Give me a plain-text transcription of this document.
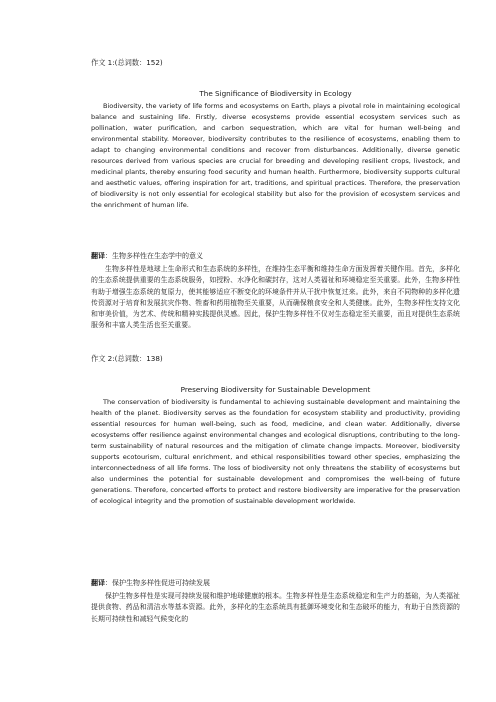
作文 1:(总词数：152)
The Significance of Biodiversity in Ecology
Biodiversity, the variety of life forms and ecosystems on Earth, plays a pivotal role in maintaining ecological balance and sustaining life. Firstly, diverse ecosystems provide essential ecosystem services such as pollination, water purification, and carbon sequestration, which are vital for human well-being and environmental stability. Moreover, biodiversity contributes to the resilience of ecosystems, enabling them to adapt to changing environmental conditions and recover from disturbances. Additionally, diverse genetic resources derived from various species are crucial for breeding and developing resilient crops, livestock, and medicinal plants, thereby ensuring food security and human health. Furthermore, biodiversity supports cultural and aesthetic values, offering inspiration for art, traditions, and spiritual practices. Therefore, the preservation of biodiversity is not only essential for ecological stability but also for the provision of ecosystem services and the enrichment of human life.
翻译：生物多样性在生态学中的意义
生物多样性是地球上生命形式和生态系统的多样性，在维持生态平衡和维持生命方面发挥着关键作用。首先，多样化的生态系统提供重要的生态系统服务，如授粉、水净化和碳封存，这对人类福祉和环境稳定至关重要。此外，生物多样性有助于增强生态系统的复原力，使其能够适应不断变化的环境条件并从干扰中恢复过来。此外，来自不同物种的多样化遗传资源对于培育和发展抗灾作物、牲畜和药用植物至关重要，从而确保粮食安全和人类健康。此外，生物多样性支持文化和审美价值，为艺术、传统和精神实践提供灵感。因此，保护生物多样性不仅对生态稳定至关重要，而且对提供生态系统服务和丰富人类生活也至关重要。
作文 2:(总词数：138)
Preserving Biodiversity for Sustainable Development
The conservation of biodiversity is fundamental to achieving sustainable development and maintaining the health of the planet. Biodiversity serves as the foundation for ecosystem stability and productivity, providing essential resources for human well-being, such as food, medicine, and clean water. Additionally, diverse ecosystems offer resilience against environmental changes and ecological disruptions, contributing to the long-term sustainability of natural resources and the mitigation of climate change impacts. Moreover, biodiversity supports ecotourism, cultural enrichment, and ethical responsibilities toward other species, emphasizing the interconnectedness of all life forms. The loss of biodiversity not only threatens the stability of ecosystems but also undermines the potential for sustainable development and compromises the well-being of future generations. Therefore, concerted efforts to protect and restore biodiversity are imperative for the preservation of ecological integrity and the promotion of sustainable development worldwide.
翻译：保护生物多样性促进可持续发展
保护生物多样性是实现可持续发展和维护地球健康的根本。生物多样性是生态系统稳定和生产力的基础，为人类福祉提供食物、药品和清洁水等基本资源。此外，多样化的生态系统具有抵御环境变化和生态破坏的能力，有助于自然资源的长期可持续性和减轻气候变化的
